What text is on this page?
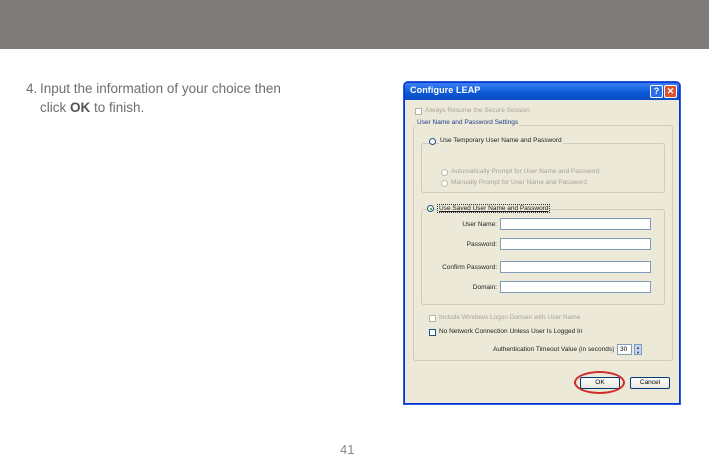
4. Input the information of your choice then
click OK to finish.
Configure LEAP	? ✕
Always Resume the Secure Session
User Name and Password Settings
Use Temporary User Name and Password
Automatically Prompt for User Name and Password
Manually Prompt for User Name and Password
Use Saved User Name and Password
User Name:
Password:
Confirm Password:
Domain:
Include Windows Logon Domain with User Name
No Network Connection Unless User Is Logged In
Authentication Timeout Value (in seconds) 30	▲
▼
OK	Cancel
41
